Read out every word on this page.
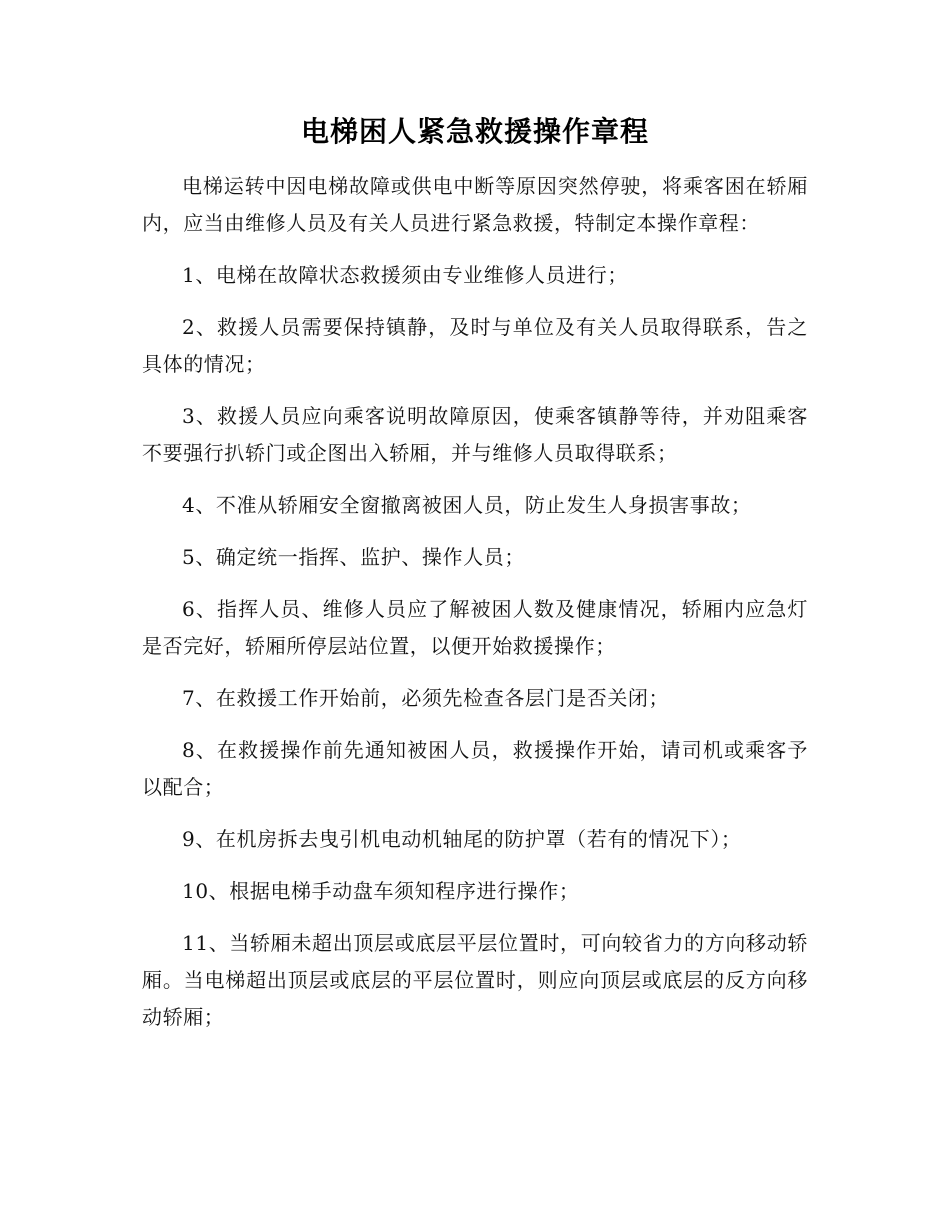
电梯困人紧急救援操作章程

电梯运转中因电梯故障或供电中断等原因突然停驶，将乘客困在轿厢内，应当由维修人员及有关人员进行紧急救援，特制定本操作章程：

1、电梯在故障状态救援须由专业维修人员进行；

2、救援人员需要保持镇静，及时与单位及有关人员取得联系，告之具体的情况；

3、救援人员应向乘客说明故障原因，使乘客镇静等待，并劝阻乘客不要强行扒轿门或企图出入轿厢，并与维修人员取得联系；

4、不准从轿厢安全窗撤离被困人员，防止发生人身损害事故；

5、确定统一指挥、监护、操作人员；

6、指挥人员、维修人员应了解被困人数及健康情况，轿厢内应急灯是否完好，轿厢所停层站位置，以便开始救援操作；

7、在救援工作开始前，必须先检查各层门是否关闭；

8、在救援操作前先通知被困人员，救援操作开始，请司机或乘客予以配合；

9、在机房拆去曳引机电动机轴尾的防护罩（若有的情况下）；

10、根据电梯手动盘车须知程序进行操作；

11、当轿厢未超出顶层或底层平层位置时，可向较省力的方向移动轿厢。当电梯超出顶层或底层的平层位置时，则应向顶层或底层的反方向移动轿厢；
